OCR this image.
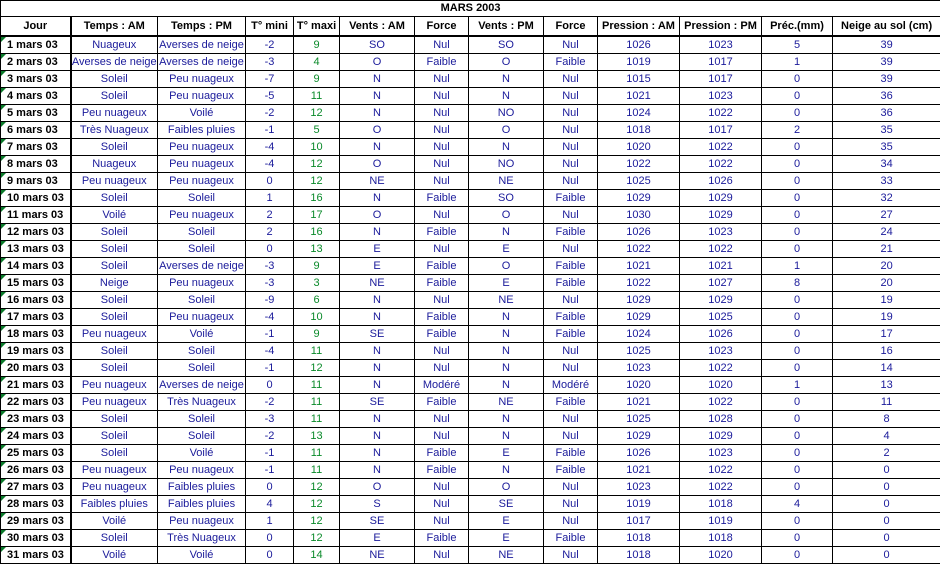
MARS 2003												
Jour	Temps : AM	Temps : PM	T° mini	T° maxi	Vents : AM	Force	Vents : PM	Force	Pression : AM	Pression : PM	Préc.(mm)	Neige au sol (cm)
1 mars 03	Nuageux	Averses de neige	-2	9	SO	Nul	SO	Nul	1026	1023	5	39
2 mars 03	Averses de neige	Averses de neige	-3	4	O	Faible	O	Faible	1019	1017	1	39
3 mars 03	Soleil	Peu nuageux	-7	9	N	Nul	N	Nul	1015	1017	0	39
4 mars 03	Soleil	Peu nuageux	-5	11	N	Nul	N	Nul	1021	1023	0	36
5 mars 03	Peu nuageux	Voilé	-2	12	N	Nul	NO	Nul	1024	1022	0	36
6 mars 03	Très Nuageux	Faibles pluies	-1	5	O	Nul	O	Nul	1018	1017	2	35
7 mars 03	Soleil	Peu nuageux	-4	10	N	Nul	N	Nul	1020	1022	0	35
8 mars 03	Nuageux	Peu nuageux	-4	12	O	Nul	NO	Nul	1022	1022	0	34
9 mars 03	Peu nuageux	Peu nuageux	0	12	NE	Nul	NE	Nul	1025	1026	0	33
10 mars 03	Soleil	Soleil	1	16	N	Faible	SO	Faible	1029	1029	0	32
11 mars 03	Voilé	Peu nuageux	2	17	O	Nul	O	Nul	1030	1029	0	27
12 mars 03	Soleil	Soleil	2	16	N	Faible	N	Faible	1026	1023	0	24
13 mars 03	Soleil	Soleil	0	13	E	Nul	E	Nul	1022	1022	0	21
14 mars 03	Soleil	Averses de neige	-3	9	E	Faible	O	Faible	1021	1021	1	20
15 mars 03	Neige	Peu nuageux	-3	3	NE	Faible	E	Faible	1022	1027	8	20
16 mars 03	Soleil	Soleil	-9	6	N	Nul	NE	Nul	1029	1029	0	19
17 mars 03	Soleil	Peu nuageux	-4	10	N	Faible	N	Faible	1029	1025	0	19
18 mars 03	Peu nuageux	Voilé	-1	9	SE	Faible	N	Faible	1024	1026	0	17
19 mars 03	Soleil	Soleil	-4	11	N	Nul	N	Nul	1025	1023	0	16
20 mars 03	Soleil	Soleil	-1	12	N	Nul	N	Nul	1023	1022	0	14
21 mars 03	Peu nuageux	Averses de neige	0	11	N	Modéré	N	Modéré	1020	1020	1	13
22 mars 03	Peu nuageux	Très Nuageux	-2	11	SE	Faible	NE	Faible	1021	1022	0	11
23 mars 03	Soleil	Soleil	-3	11	N	Nul	N	Nul	1025	1028	0	8
24 mars 03	Soleil	Soleil	-2	13	N	Nul	N	Nul	1029	1029	0	4
25 mars 03	Soleil	Voilé	-1	11	N	Faible	E	Faible	1026	1023	0	2
26 mars 03	Peu nuageux	Peu nuageux	-1	11	N	Faible	N	Faible	1021	1022	0	0
27 mars 03	Peu nuageux	Faibles pluies	0	12	O	Nul	O	Nul	1023	1022	0	0
28 mars 03	Faibles pluies	Faibles pluies	4	12	S	Nul	SE	Nul	1019	1018	4	0
29 mars 03	Voilé	Peu nuageux	1	12	SE	Nul	E	Nul	1017	1019	0	0
30 mars 03	Soleil	Très Nuageux	0	12	E	Faible	E	Faible	1018	1018	0	0
31 mars 03	Voilé	Voilé	0	14	NE	Nul	NE	Nul	1018	1020	0	0
